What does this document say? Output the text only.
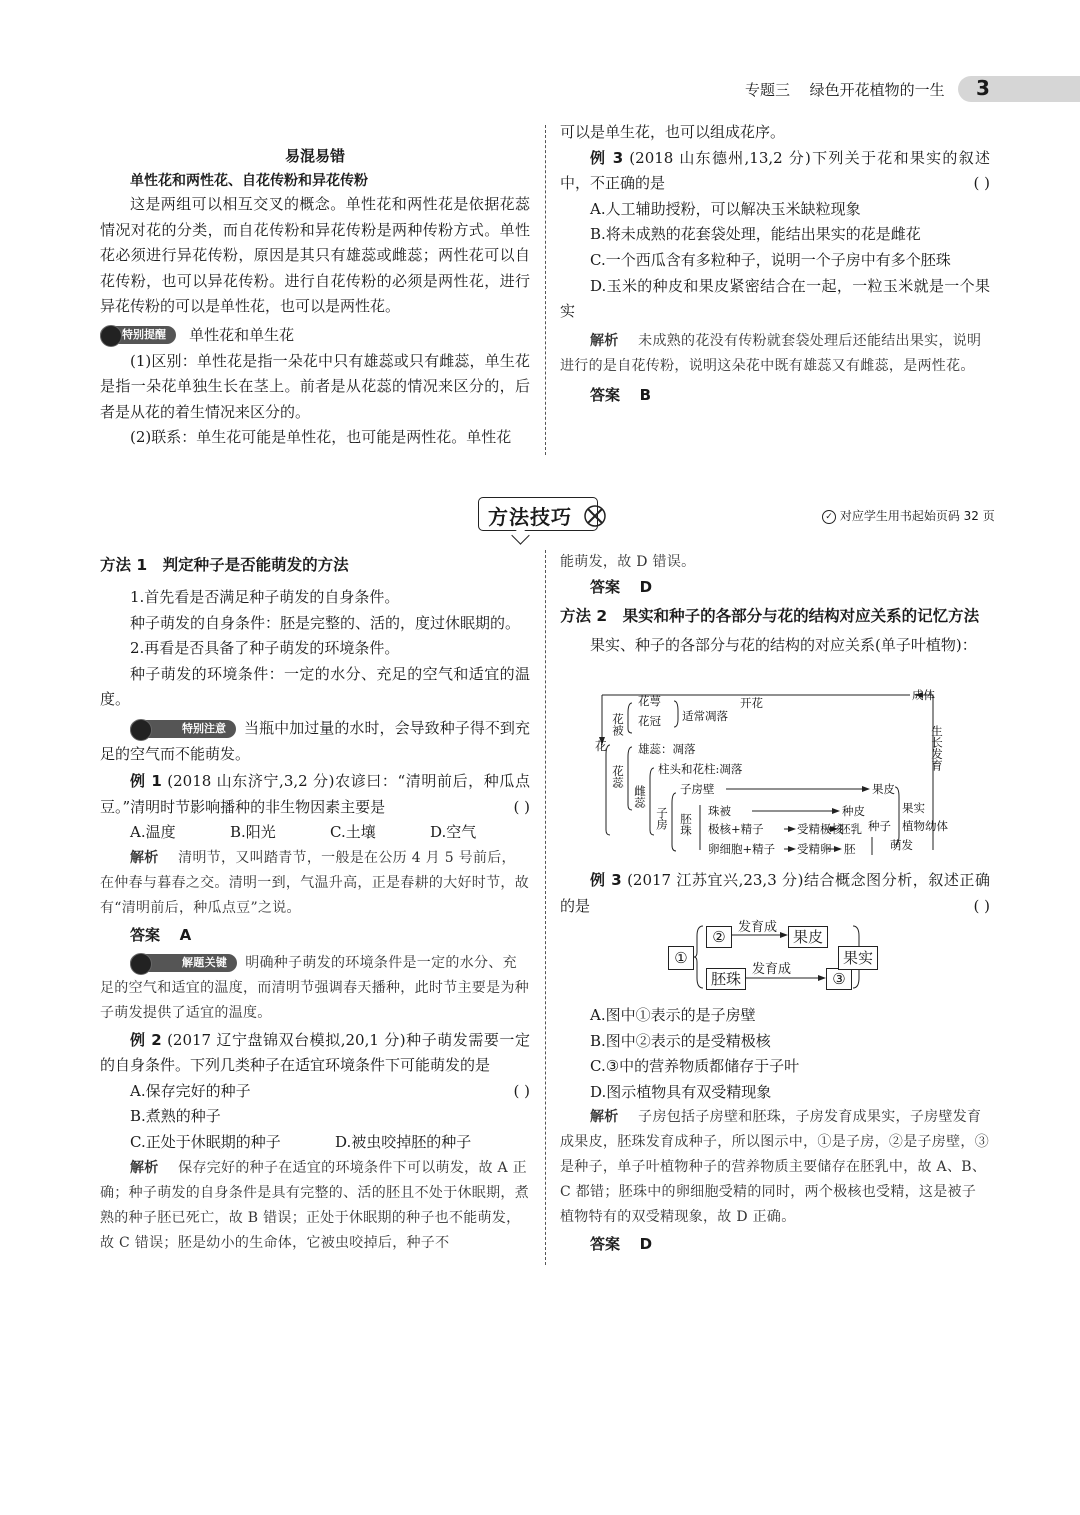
专题三 绿色开花植物的一生 3
易混易错
单性花和两性花、自花传粉和异花传粉

这是两组可以相互交叉的概念。单性花和两性花是依据花蕊情况对花的分类，而自花传粉和异花传粉是两种传粉方式。单性花必须进行异花传粉，原因是其只有雄蕊或雌蕊；两性花可以自花传粉，也可以异花传粉。进行自花传粉的必须是两性花，进行异花传粉的可以是单性花，也可以是两性花。

特别提醒 单性花和单生花

(1)区别：单性花是指一朵花中只有雄蕊或只有雌蕊，单生花是指一朵花单独生长在茎上。前者是从花蕊的情况来区分的，后者是从花的着生情况来区分的。

(2)联系：单生花可能是单性花，也可能是两性花。单性花

可以是单生花，也可以组成花序。

例 3 (2018 山东德州,13,2 分)下列关于花和果实的叙述中，不正确的是	( )

A.人工辅助授粉，可以解决玉米缺粒现象

B.将未成熟的花套袋处理，能结出果实的花是雌花

C.一个西瓜含有多粒种子，说明一个子房中有多个胚珠

D.玉米的种皮和果皮紧密结合在一起，一粒玉米就是一个果实

解析 未成熟的花没有传粉就套袋处理后还能结出果实，说明进行的是自花传粉，说明这朵花中既有雄蕊又有雌蕊，是两性花。

答案 B

方法技巧	✓ 对应学生用书起始页码 32 页
方法 1　判定种子是否能萌发的方法

1.首先看是否满足种子萌发的自身条件。

种子萌发的自身条件：胚是完整的、活的，度过休眠期的。

2.再看是否具备了种子萌发的环境条件。

种子萌发的环境条件：一定的水分、充足的空气和适宜的温度。

特别注意 当瓶中加过量的水时，会导致种子得不到充足的空气而不能萌发。

例 1 (2018 山东济宁,3,2 分)农谚曰：“清明前后，种瓜点豆。”清明时节影响播种的非生物因素主要是	( )

A.温度	B.阳光	C.土壤	D.空气

解析 清明节，又叫踏青节，一般是在公历 4 月 5 号前后，在仲春与暮春之交。清明一到，气温升高，正是春耕的大好时节，故有“清明前后，种瓜点豆”之说。

答案 A

解题关键 明确种子萌发的环境条件是一定的水分、充足的空气和适宜的温度，而清明节强调春天播种，此时节主要是为种子萌发提供了适宜的温度。

例 2 (2017 辽宁盘锦双台模拟,20,1 分)种子萌发需要一定的自身条件。下列几类种子在适宜环境条件下可能萌发的是
( )

A.保存完好的种子B.煮熟的种子

C.正处于休眠期的种子	D.被虫咬掉胚的种子

解析 保存完好的种子在适宜的环境条件下可以萌发，故 A 正确；种子萌发的自身条件是具有完整的、活的胚且不处于休眠期，煮熟的种子胚已死亡，故 B 错误；正处于休眠期的种子也不能萌发，故 C 错误；胚是幼小的生命体，它被虫咬掉后，种子不

能萌发，故 D 错误。

答案 D

方法 2　果实和种子的各部分与花的结构对应关系的记忆方法

果实、种子的各部分与花的结构的对应关系(单子叶植物)：

花
花被
花萼
花冠 适常凋落
开花
成体
生长发育
花蕊
雄蕊：凋落
雌蕊
柱头和花柱:凋落
子房
子房壁	果皮
胚珠
珠被	种皮
极核+精子	受精极核
胚乳
卵细胞+精子 受精卵 胚
种子
果实
植物幼体
萌发

例 3 (2017 江苏宜兴,23,3 分)结合概念图分析，叙述正确的是	( )

①
②
发育成
果皮
胚珠
发育成
③
果实

A.图中①表示的是子房壁

B.图中②表示的是受精极核

C.③中的营养物质都储存于子叶

D.图示植物具有双受精现象

解析 子房包括子房壁和胚珠，子房发育成果实，子房壁发育成果皮，胚珠发育成种子，所以图示中，①是子房，②是子房壁，③是种子，单子叶植物种子的营养物质主要储存在胚乳中，故 A、B、C 都错；胚珠中的卵细胞受精的同时，两个极核也受精，这是被子植物特有的双受精现象，故 D 正确。

答案 D
